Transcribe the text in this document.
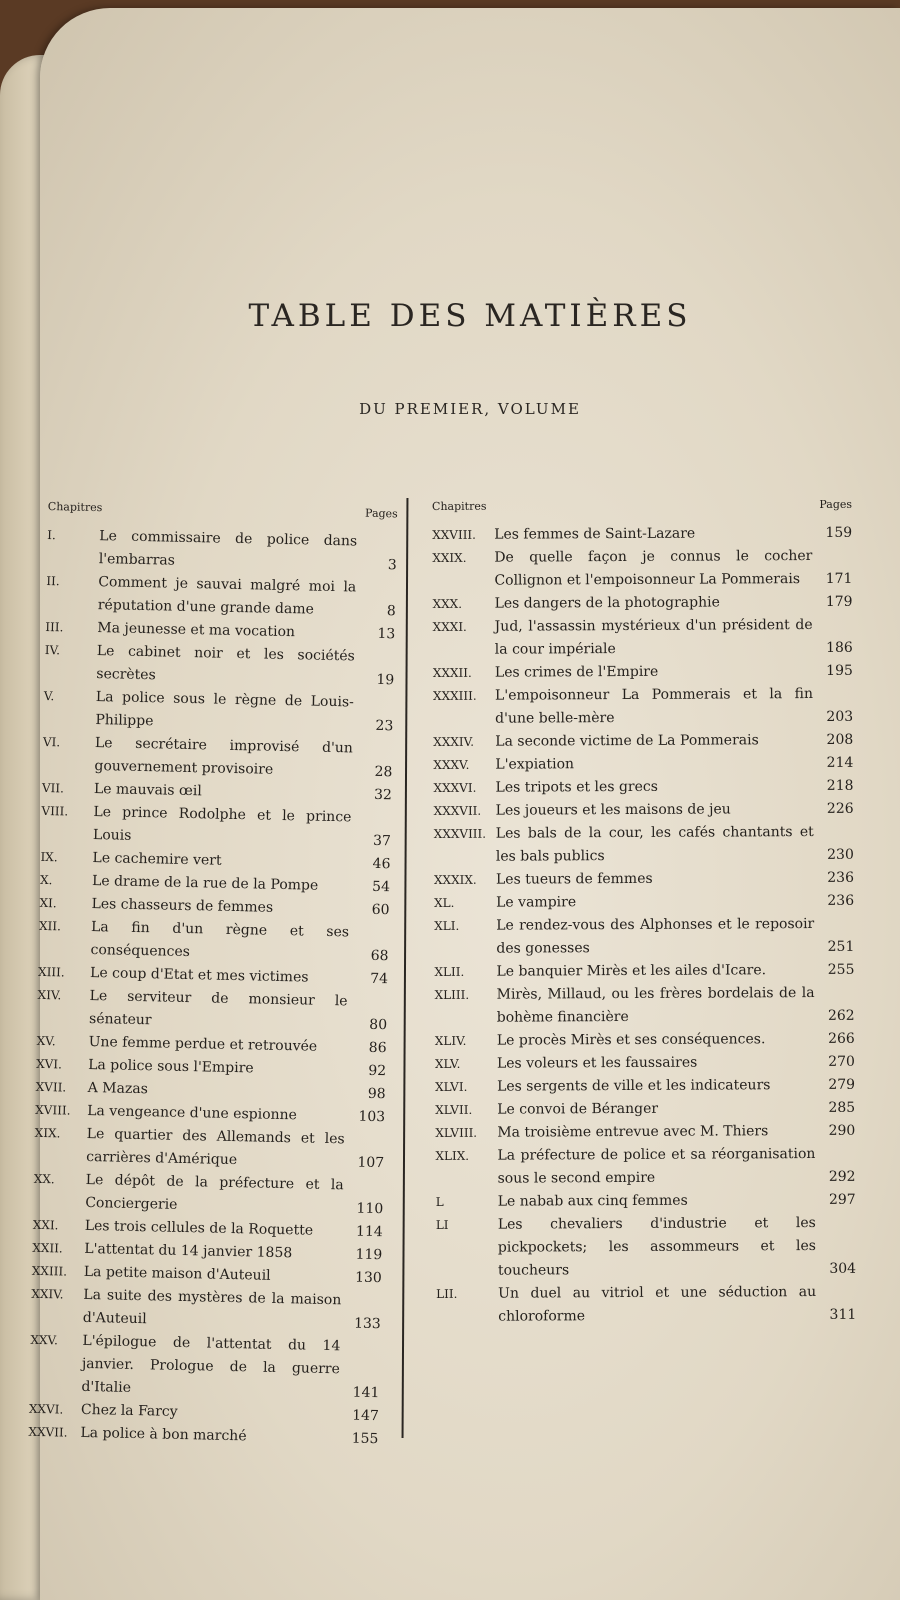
TABLE DES MATIÈRES
DU PREMIER, VOLUME
Chapitres	Pages
I.	Le commissaire de police dans l'embarras	3
II.	Comment je sauvai malgré moi la réputation d'une grande dame	8
III.	Ma jeunesse et ma vocation	13
IV.	Le cabinet noir et les sociétés secrètes	19
V.	La police sous le règne de Louis-Philippe	23
VI.	Le secrétaire improvisé d'un gouvernement provisoire	28
VII.	Le mauvais œil	32
VIII.	Le prince Rodolphe et le prince Louis	37
IX.	Le cachemire vert	46
X.	Le drame de la rue de la Pompe	54
XI.	Les chasseurs de femmes	60
XII.	La fin d'un règne et ses conséquences	68
XIII.	Le coup d'Etat et mes victimes	74
XIV.	Le serviteur de monsieur le sénateur	80
XV.	Une femme perdue et retrouvée	86
XVI.	La police sous l'Empire	92
XVII.	A Mazas	98
XVIII.	La vengeance d'une espionne	103
XIX.	Le quartier des Allemands et les carrières d'Amérique	107
XX.	Le dépôt de la préfecture et la Conciergerie	110
XXI.	Les trois cellules de la Roquette	114
XXII.	L'attentat du 14 janvier 1858	119
XXIII.	La petite maison d'Auteuil	130
XXIV.	La suite des mystères de la maison d'Auteuil	133
XXV.	L'épilogue de l'attentat du 14 janvier. Prologue de la guerre d'Italie	141
XXVI.	Chez la Farcy	147
XXVII. La police à bon marché	155
Chapitres	Pages
XXVIII.	Les femmes de Saint-Lazare	159
XXIX.	De quelle façon je connus le cocher Collignon et l'empoisonneur La Pommerais	171
XXX.	Les dangers de la photographie	179
XXXI.	Jud, l'assassin mystérieux d'un président de la cour impériale	186
XXXII.	Les crimes de l'Empire	195
XXXIII.	L'empoisonneur La Pommerais et la fin d'une belle-mère	203
XXXIV.	La seconde victime de La Pommerais	208
XXXV.	L'expiation	214
XXXVI.	Les tripots et les grecs	218
XXXVII.	Les joueurs et les maisons de jeu	226
XXXVIII. Les bals de la cour, les cafés chantants et les bals publics	230
XXXIX.	Les tueurs de femmes	236
XL.	Le vampire	236
XLI.	Le rendez-vous des Alphonses et le reposoir des gonesses	251
XLII.	Le banquier Mirès et les ailes d'Icare.	255
XLIII.	Mirès, Millaud, ou les frères bordelais de la bohème financière	262
XLIV.	Le procès Mirès et ses conséquences.	266
XLV.	Les voleurs et les faussaires	270
XLVI.	Les sergents de ville et les indicateurs	279
XLVII.	Le convoi de Béranger	285
XLVIII.	Ma troisième entrevue avec M. Thiers	290
XLIX.	La préfecture de police et sa réorganisation sous le second empire	292
L	Le nabab aux cinq femmes	297
LI	Les chevaliers d'industrie et les pickpockets; les assommeurs et les toucheurs	304
LII.	Un duel au vitriol et une séduction au chloroforme	311
